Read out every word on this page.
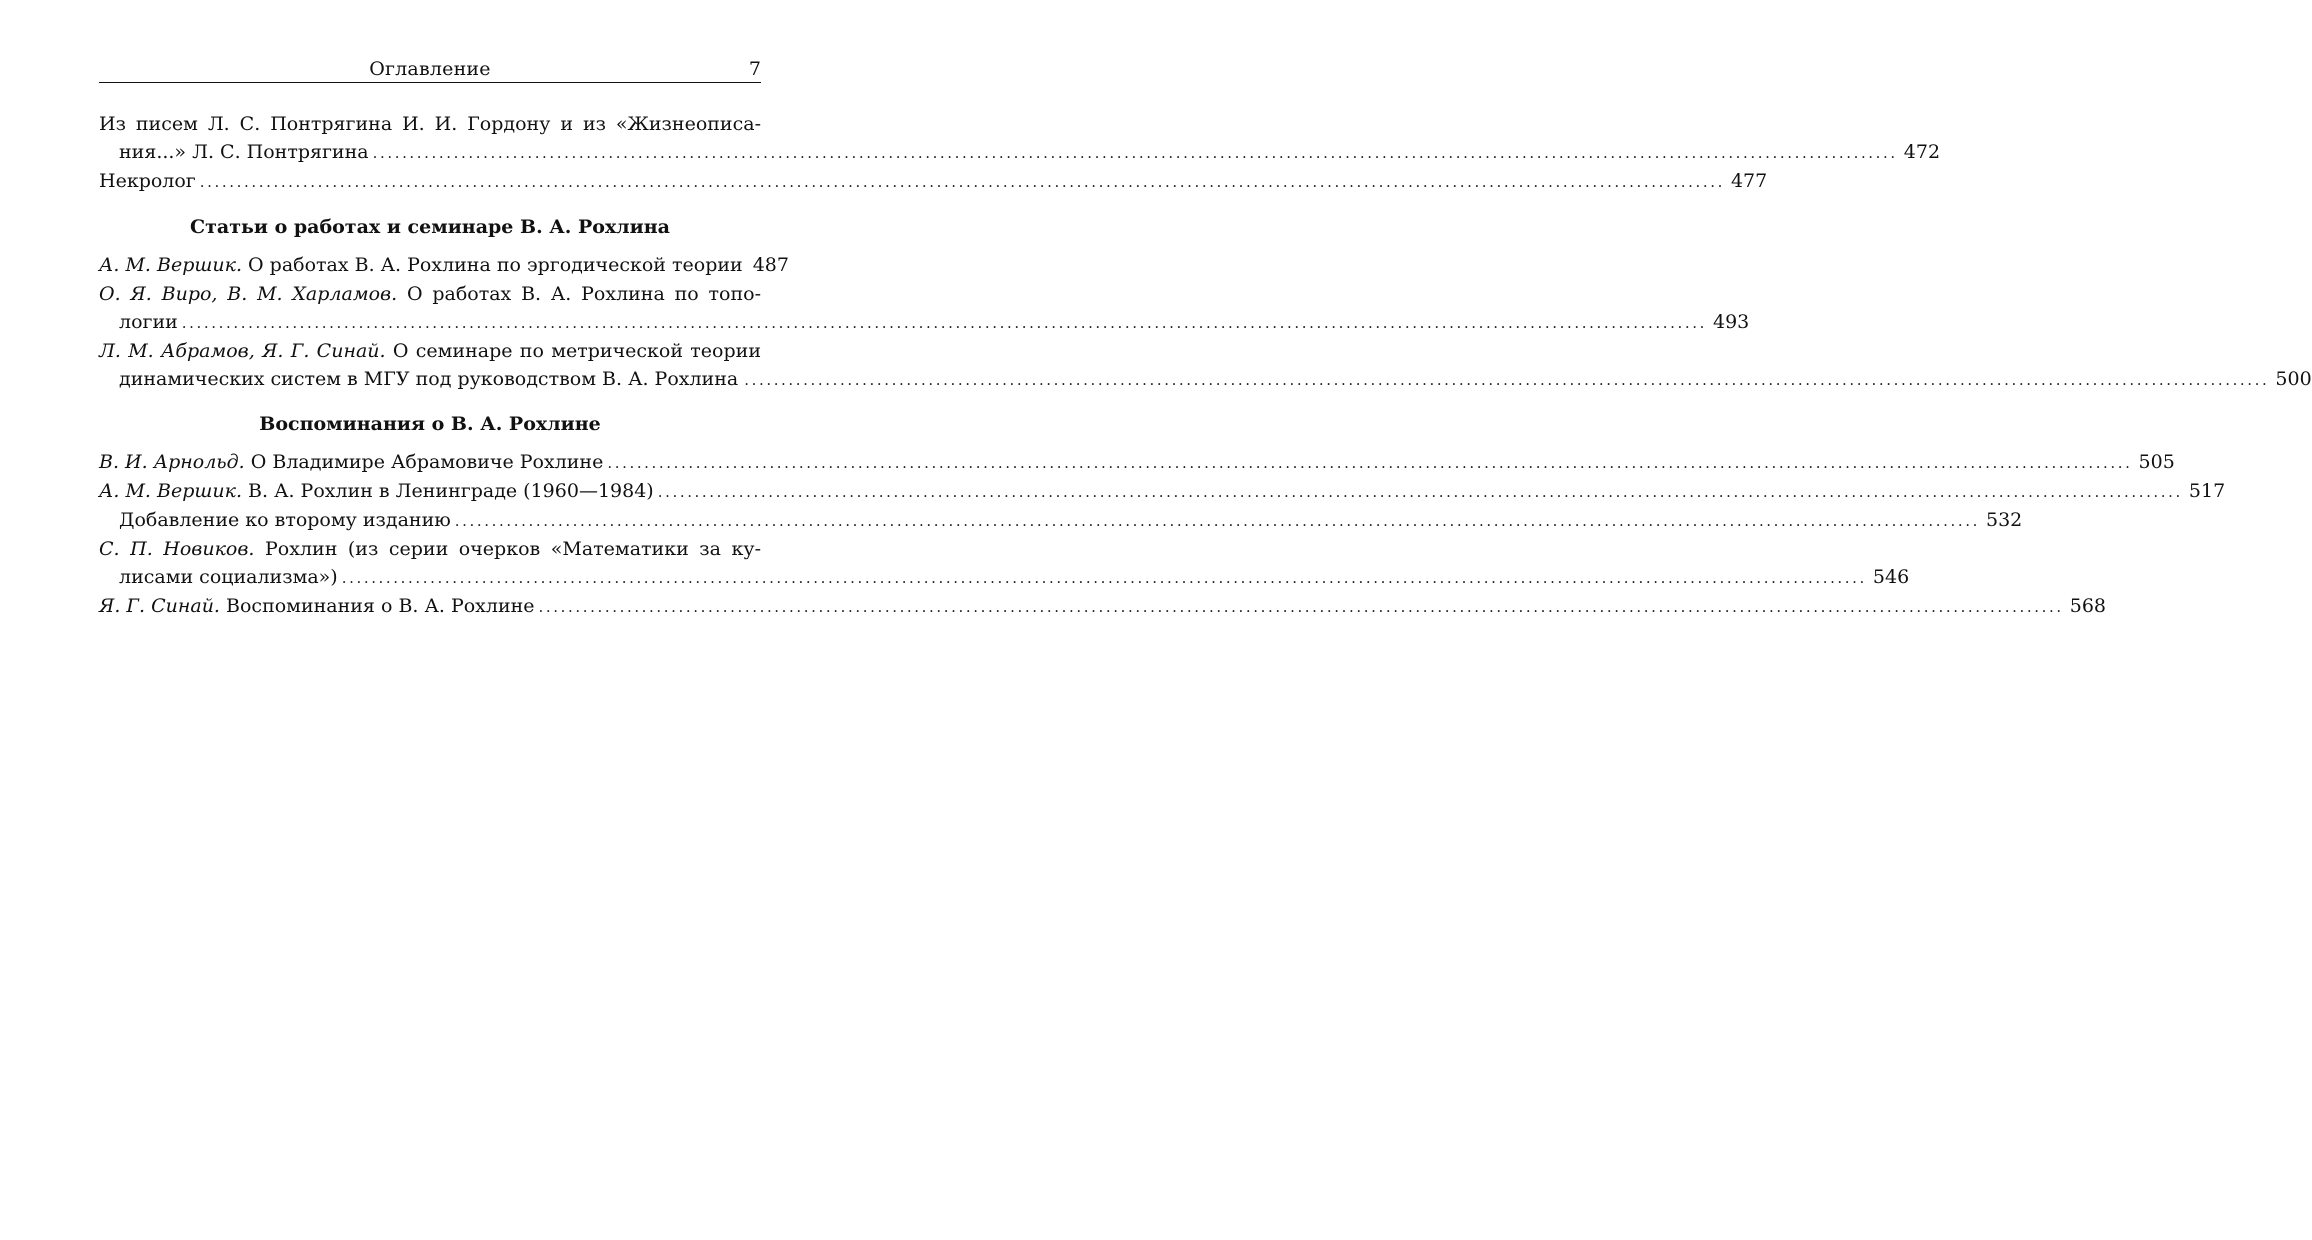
Оглавление	7
Из писем Л. С. Понтрягина И. И. Гордону и из «Жизнеописа-
ния...» Л. С. Понтрягина .....	472
Некролог .....	477
Статьи о работах и семинаре В. А. Рохлина
А. М. Вершик.
О работах В. А. Рохлина по эргодической теории 487
О. Я. Виро, В. М. Харламов. О работах В. А. Рохлина по топо-
логии .....	493
Л. М. Абрамов, Я. Г. Синай. О семинаре по метрической теории
динамических систем в МГУ под руководством В. А. Рохлина .....	500
Воспоминания о В. А. Рохлине
В. И. Арнольд.
О Владимире Абрамовиче Рохлине .....	505
А. М. Вершик.
В. А. Рохлин в Ленинграде (1960—1984) .....	517
Добавление ко второму изданию .....	532
С. П. Новиков. Рохлин (из серии очерков «Математики за ку-
лисами социализма») .....	546
Я. Г. Синай.
Воспоминания о В. А. Рохлине .....	568
